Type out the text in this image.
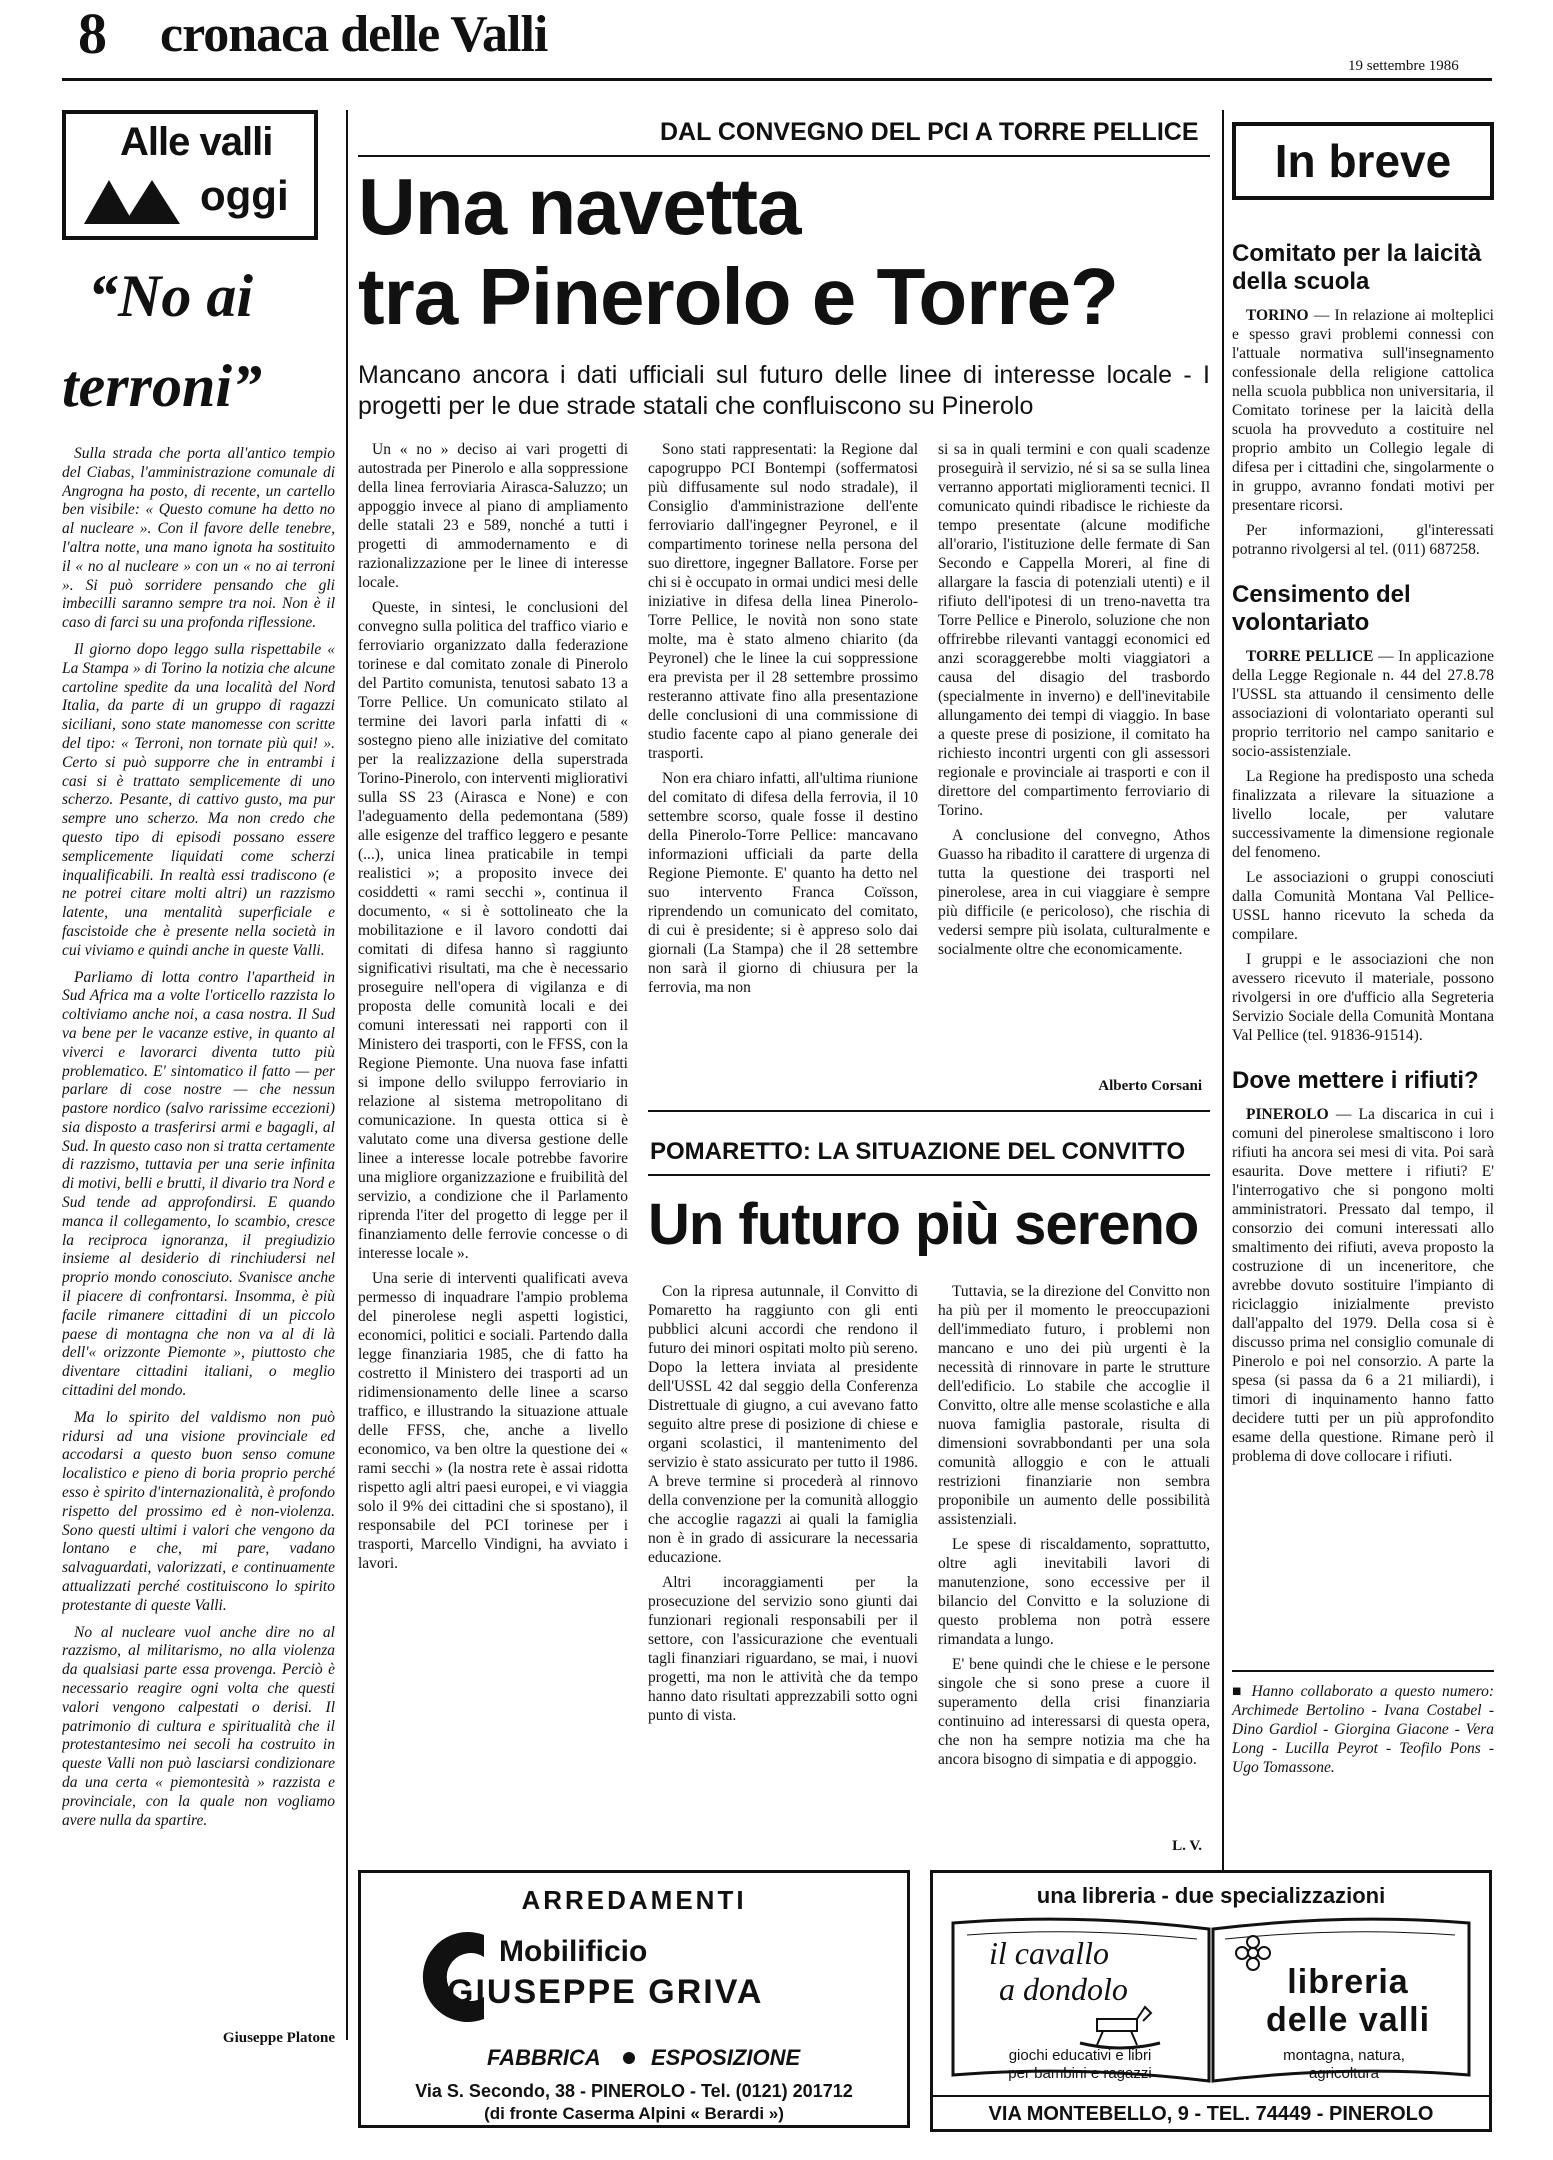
8 cronaca delle Valli
19 settembre 1986
Alle valli
oggi
“No ai
terroni”

Sulla strada che porta all'antico tempio del Ciabas, l'amministrazione comunale di Angrogna ha posto, di recente, un cartello ben visibile: « Questo comune ha detto no al nucleare ». Con il favore delle tenebre, l'altra notte, una mano ignota ha sostituito il « no al nucleare » con un « no ai terroni ». Si può sorridere pensando che gli imbecilli saranno sempre tra noi. Non è il caso di farci su una profonda riflessione.

Il giorno dopo leggo sulla rispettabile « La Stampa » di Torino la notizia che alcune cartoline spedite da una località del Nord Italia, da parte di un gruppo di ragazzi siciliani, sono state manomesse con scritte del tipo: « Terroni, non tornate più qui! ». Certo si può supporre che in entrambi i casi si è trattato semplicemente di uno scherzo. Pesante, di cattivo gusto, ma pur sempre uno scherzo. Ma non credo che questo tipo di episodi possano essere semplicemente liquidati come scherzi inqualificabili. In realtà essi tradiscono (e ne potrei citare molti altri) un razzismo latente, una mentalità superficiale e fascistoide che è presente nella società in cui viviamo e quindi anche in queste Valli.

Parliamo di lotta contro l'apartheid in Sud Africa ma a volte l'orticello razzista lo coltiviamo anche noi, a casa nostra. Il Sud va bene per le vacanze estive, in quanto al viverci e lavorarci diventa tutto più problematico. E' sintomatico il fatto — per parlare di cose nostre — che nessun pastore nordico (salvo rarissime eccezioni) sia disposto a trasferirsi armi e bagagli, al Sud. In questo caso non si tratta certamente di razzismo, tuttavia per una serie infinita di motivi, belli e brutti, il divario tra Nord e Sud tende ad approfondirsi. E quando manca il collegamento, lo scambio, cresce la reciproca ignoranza, il pregiudizio insieme al desiderio di rinchiudersi nel proprio mondo conosciuto. Svanisce anche il piacere di confrontarsi. Insomma, è più facile rimanere cittadini di un piccolo paese di montagna che non va al di là dell'« orizzonte Piemonte », piuttosto che diventare cittadini italiani, o meglio cittadini del mondo.

Ma lo spirito del valdismo non può ridursi ad una visione provinciale ed accodarsi a questo buon senso comune localistico e pieno di boria proprio perché esso è spirito d'internazionalità, è profondo rispetto del prossimo ed è non-violenza. Sono questi ultimi i valori che vengono da lontano e che, mi pare, vadano salvaguardati, valorizzati, e continuamente attualizzati perché costituiscono lo spirito protestante di queste Valli.

No al nucleare vuol anche dire no al razzismo, al militarismo, no alla violenza da qualsiasi parte essa provenga. Perciò è necessario reagire ogni volta che questi valori vengono calpestati o derisi. Il patrimonio di cultura e spiritualità che il protestantesimo nei secoli ha costruito in queste Valli non può lasciarsi condizionare da una certa « piemontesità » razzista e provinciale, con la quale non vogliamo avere nulla da spartire.

Giuseppe Platone
DAL CONVEGNO DEL PCI A TORRE PELLICE
Una navetta
tra Pinerolo e Torre?
Mancano ancora i dati ufficiali sul futuro delle linee di interesse locale - I progetti per le due strade statali che confluiscono su Pinerolo

Un « no » deciso ai vari progetti di autostrada per Pinerolo e alla soppressione della linea ferroviaria Airasca-Saluzzo; un appoggio invece al piano di ampliamento delle statali 23 e 589, nonché a tutti i progetti di ammodernamento e di razionalizzazione per le linee di interesse locale.

Queste, in sintesi, le conclusioni del convegno sulla politica del traffico viario e ferroviario organizzato dalla federazione torinese e dal comitato zonale di Pinerolo del Partito comunista, tenutosi sabato 13 a Torre Pellice. Un comunicato stilato al termine dei lavori parla infatti di « sostegno pieno alle iniziative del comitato per la realizzazione della superstrada Torino-Pinerolo, con interventi migliorativi sulla SS 23 (Airasca e None) e con l'adeguamento della pedemontana (589) alle esigenze del traffico leggero e pesante (...), unica linea praticabile in tempi realistici »; a proposito invece dei cosiddetti « rami secchi », continua il documento, « si è sottolineato che la mobilitazione e il lavoro condotti dai comitati di difesa hanno sì raggiunto significativi risultati, ma che è necessario proseguire nell'opera di vigilanza e di proposta delle comunità locali e dei comuni interessati nei rapporti con il Ministero dei trasporti, con le FFSS, con la Regione Piemonte. Una nuova fase infatti si impone dello sviluppo ferroviario in relazione al sistema metropolitano di comunicazione. In questa ottica si è valutato come una diversa gestione delle linee a interesse locale potrebbe favorire una migliore organizzazione e fruibilità del servizio, a condizione che il Parlamento riprenda l'iter del progetto di legge per il finanziamento delle ferrovie concesse o di interesse locale ».

Una serie di interventi qualificati aveva permesso di inquadrare l'ampio problema del pinerolese negli aspetti logistici, economici, politici e sociali. Partendo dalla legge finanziaria 1985, che di fatto ha costretto il Ministero dei trasporti ad un ridimensionamento delle linee a scarso traffico, e illustrando la situazione attuale delle FFSS, che, anche a livello economico, va ben oltre la questione dei « rami secchi » (la nostra rete è assai ridotta rispetto agli altri paesi europei, e vi viaggia solo il 9% dei cittadini che si spostano), il responsabile del PCI torinese per i trasporti, Marcello Vindigni, ha avviato i lavori.

Sono stati rappresentati: la Regione dal capogruppo PCI Bontempi (soffermatosi più diffusamente sul nodo stradale), il Consiglio d'amministrazione dell'ente ferroviario dall'ingegner Peyronel, e il compartimento torinese nella persona del suo direttore, ingegner Ballatore. Forse per chi si è occupato in ormai undici mesi delle iniziative in difesa della linea Pinerolo-Torre Pellice, le novità non sono state molte, ma è stato almeno chiarito (da Peyronel) che le linee la cui soppressione era prevista per il 28 settembre prossimo resteranno attivate fino alla presentazione delle conclusioni di una commissione di studio facente capo al piano generale dei trasporti.

Non era chiaro infatti, all'ultima riunione del comitato di difesa della ferrovia, il 10 settembre scorso, quale fosse il destino della Pinerolo-Torre Pellice: mancavano informazioni ufficiali da parte della Regione Piemonte. E' quanto ha detto nel suo intervento Franca Coïsson, riprendendo un comunicato del comitato, di cui è presidente; si è appreso solo dai giornali (La Stampa) che il 28 settembre non sarà il giorno di chiusura per la ferrovia, ma non

si sa in quali termini e con quali scadenze proseguirà il servizio, né si sa se sulla linea verranno apportati miglioramenti tecnici. Il comunicato quindi ribadisce le richieste da tempo presentate (alcune modifiche all'orario, l'istituzione delle fermate di San Secondo e Cappella Moreri, al fine di allargare la fascia di potenziali utenti) e il rifiuto dell'ipotesi di un treno-navetta tra Torre Pellice e Pinerolo, soluzione che non offrirebbe rilevanti vantaggi economici ed anzi scoraggerebbe molti viaggiatori a causa del disagio del trasbordo (specialmente in inverno) e dell'inevitabile allungamento dei tempi di viaggio. In base a queste prese di posizione, il comitato ha richiesto incontri urgenti con gli assessori regionale e provinciale ai trasporti e con il direttore del compartimento ferroviario di Torino.

A conclusione del convegno, Athos Guasso ha ribadito il carattere di urgenza di tutta la questione dei trasporti nel pinerolese, area in cui viaggiare è sempre più difficile (e pericoloso), che rischia di vedersi sempre più isolata, culturalmente e socialmente oltre che economicamente.

Alberto Corsani
POMARETTO: LA SITUAZIONE DEL CONVITTO
Un futuro più sereno

Con la ripresa autunnale, il Convitto di Pomaretto ha raggiunto con gli enti pubblici alcuni accordi che rendono il futuro dei minori ospitati molto più sereno. Dopo la lettera inviata al presidente dell'USSL 42 dal seggio della Conferenza Distrettuale di giugno, a cui avevano fatto seguito altre prese di posizione di chiese e organi scolastici, il mantenimento del servizio è stato assicurato per tutto il 1986. A breve termine si procederà al rinnovo della convenzione per la comunità alloggio che accoglie ragazzi ai quali la famiglia non è in grado di assicurare la necessaria educazione.

Altri incoraggiamenti per la prosecuzione del servizio sono giunti dai funzionari regionali responsabili per il settore, con l'assicurazione che eventuali tagli finanziari riguardano, se mai, i nuovi progetti, ma non le attività che da tempo hanno dato risultati apprezzabili sotto ogni punto di vista.

Tuttavia, se la direzione del Convitto non ha più per il momento le preoccupazioni dell'immediato futuro, i problemi non mancano e uno dei più urgenti è la necessità di rinnovare in parte le strutture dell'edificio. Lo stabile che accoglie il Convitto, oltre alle mense scolastiche e alla nuova famiglia pastorale, risulta di dimensioni sovrabbondanti per una sola comunità alloggio e con le attuali restrizioni finanziarie non sembra proponibile un aumento delle possibilità assistenziali.

Le spese di riscaldamento, soprattutto, oltre agli inevitabili lavori di manutenzione, sono eccessive per il bilancio del Convitto e la soluzione di questo problema non potrà essere rimandata a lungo.

E' bene quindi che le chiese e le persone singole che si sono prese a cuore il superamento della crisi finanziaria continuino ad interessarsi di questa opera, che non ha sempre notizia ma che ha ancora bisogno di simpatia e di appoggio.

L. V.
In breve
Comitato per la laicità della scuola

TORINO — In relazione ai molteplici e spesso gravi problemi connessi con l'attuale normativa sull'insegnamento confessionale della religione cattolica nella scuola pubblica non universitaria, il Comitato torinese per la laicità della scuola ha provveduto a costituire nel proprio ambito un Collegio legale di difesa per i cittadini che, singolarmente o in gruppo, avranno fondati motivi per presentare ricorsi.

Per informazioni, gl'interessati potranno rivolgersi al tel. (011) 687258.

Censimento del volontariato

TORRE PELLICE — In applicazione della Legge Regionale n. 44 del 27.8.78 l'USSL sta attuando il censimento delle associazioni di volontariato operanti sul proprio territorio nel campo sanitario e socio-assistenziale.

La Regione ha predisposto una scheda finalizzata a rilevare la situazione a livello locale, per valutare successivamente la dimensione regionale del fenomeno.

Le associazioni o gruppi conosciuti dalla Comunità Montana Val Pellice-USSL hanno ricevuto la scheda da compilare.

I gruppi e le associazioni che non avessero ricevuto il materiale, possono rivolgersi in ore d'ufficio alla Segreteria Servizio Sociale della Comunità Montana Val Pellice (tel. 91836-91514).

Dove mettere i rifiuti?

PINEROLO — La discarica in cui i comuni del pinerolese smaltiscono i loro rifiuti ha ancora sei mesi di vita. Poi sarà esaurita. Dove mettere i rifiuti? E' l'interrogativo che si pongono molti amministratori. Pressato dal tempo, il consorzio dei comuni interessati allo smaltimento dei rifiuti, aveva proposto la costruzione di un inceneritore, che avrebbe dovuto sostituire l'impianto di riciclaggio inizialmente previsto dall'appalto del 1979. Della cosa si è discusso prima nel consiglio comunale di Pinerolo e poi nel consorzio. A parte la spesa (si passa da 6 a 21 miliardi), i timori di inquinamento hanno fatto decidere tutti per un più approfondito esame della questione. Rimane però il problema di dove collocare i rifiuti.

■ Hanno collaborato a questo numero: Archimede Bertolino - Ivana Costabel - Dino Gardiol - Giorgina Giacone - Vera Long - Lucilla Peyrot - Teofilo Pons - Ugo Tomassone.
ARREDAMENTI
Mobilificio
GIUSEPPE GRIVA
FABBRICA ESPOSIZIONE
Via S. Secondo, 38 - PINEROLO - Tel. (0121) 201712
(di fronte Caserma Alpini « Berardi »)
una libreria - due specializzazioni
il cavallo
a dondolo
giochi educativi e libri
per bambini e ragazzi
libreria
delle valli
montagna, natura,
agricoltura
VIA MONTEBELLO, 9 - TEL. 74449 - PINEROLO
